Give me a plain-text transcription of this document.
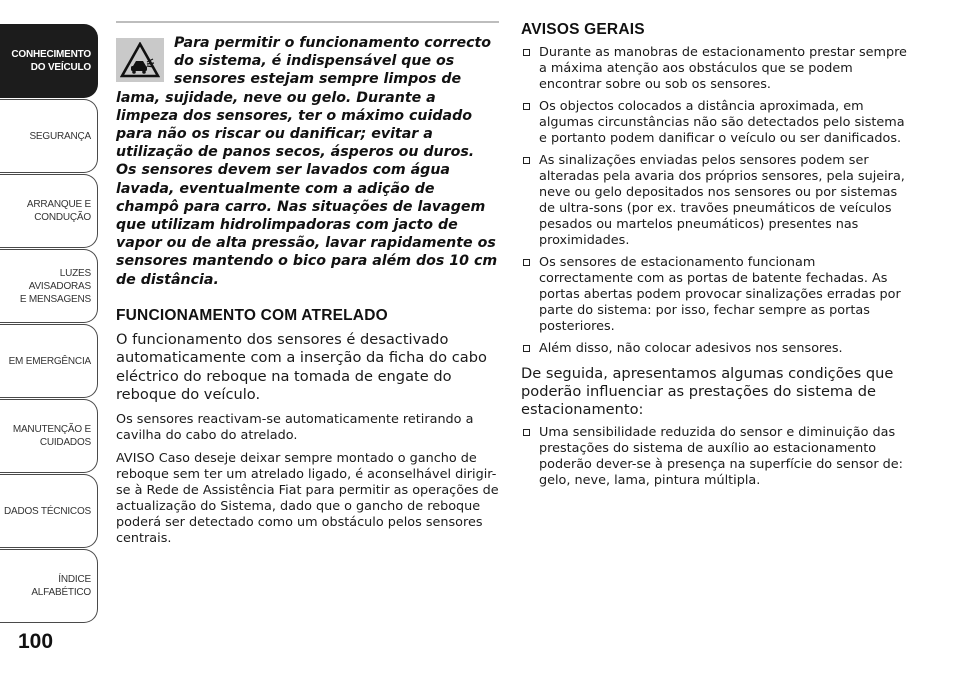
CONHECIMENTO
DO VEÍCULO
SEGURANÇA
ARRANQUE E
CONDUÇÃO
LUZES AVISADORAS
E MENSAGENS
EM EMERGÊNCIA
MANUTENÇÃO E
CUIDADOS
DADOS TÉCNICOS
ÍNDICE ALFABÉTICO
100

Para permitir o funcionamento correcto do sistema, é indispensável que os sensores estejam sempre limpos de lama, sujidade, neve ou gelo. Durante a limpeza dos sensores, ter o máximo cuidado para não os riscar ou danificar; evitar a utilização de panos secos, ásperos ou duros. Os sensores devem ser lavados com água lavada, eventualmente com a adição de champô para carro. Nas situações de lavagem que utilizam hidrolimpadoras com jacto de vapor ou de alta pressão, lavar rapidamente os sensores mantendo o bico para além dos 10 cm de distância.

FUNCIONAMENTO COM ATRELADO

O funcionamento dos sensores é desactivado automaticamente com a inserção da ficha do cabo eléctrico do reboque na tomada de engate do reboque do veículo.

Os sensores reactivam-se automaticamente retirando a cavilha do cabo do atrelado.

AVISO Caso deseje deixar sempre montado o gancho de reboque sem ter um atrelado ligado, é aconselhável dirigir-se à Rede de Assistência Fiat para permitir as operações de actualização do Sistema, dado que o gancho de reboque poderá ser detectado como um obstáculo pelos sensores centrais.

AVISOS GERAIS
Durante as manobras de estacionamento prestar sempre a máxima atenção aos obstáculos que se podem encontrar sobre ou sob os sensores.
Os objectos colocados a distância aproximada, em algumas circunstâncias não são detectados pelo sistema e portanto podem danificar o veículo ou ser danificados.
As sinalizações enviadas pelos sensores podem ser alteradas pela avaria dos próprios sensores, pela sujeira, neve ou gelo depositados nos sensores ou por sistemas de ultra-sons (por ex. travões pneumáticos de veículos pesados ou martelos pneumáticos) presentes nas proximidades.
Os sensores de estacionamento funcionam correctamente com as portas de batente fechadas. As portas abertas podem provocar sinalizações erradas por parte do sistema: por isso, fechar sempre as portas posteriores.
Além disso, não colocar adesivos nos sensores.

De seguida, apresentamos algumas condições que poderão influenciar as prestações do sistema de estacionamento:

Uma sensibilidade reduzida do sensor e diminuição das prestações do sistema de auxílio ao estacionamento poderão dever-se à presença na superfície do sensor de: gelo, neve, lama, pintura múltipla.
